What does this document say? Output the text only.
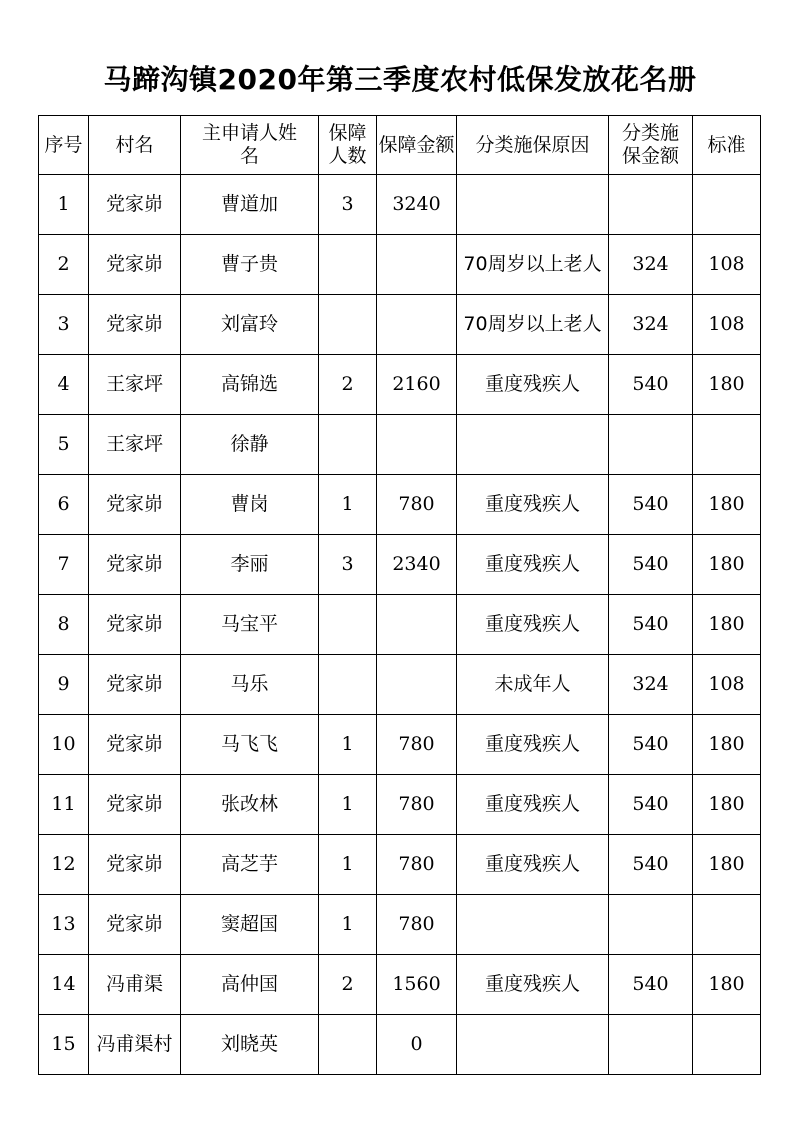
马蹄沟镇2020年第三季度农村低保发放花名册
序号	村名	主申请人姓名	保障人数	保障金额	分类施保原因	分类施保金额	标准
1	党家峁	曹道加	3	3240			
2	党家峁	曹子贵			70周岁以上老人	324	108
3	党家峁	刘富玲			70周岁以上老人	324	108
4	王家坪	高锦选	2	2160	重度残疾人	540	180
5	王家坪	徐静					
6	党家峁	曹岗	1	780	重度残疾人	540	180
7	党家峁	李丽	3	2340	重度残疾人	540	180
8	党家峁	马宝平			重度残疾人	540	180
9	党家峁	马乐			未成年人	324	108
10	党家峁	马飞飞	1	780	重度残疾人	540	180
11	党家峁	张改林	1	780	重度残疾人	540	180
12	党家峁	高芝芋	1	780	重度残疾人	540	180
13	党家峁	窦超国	1	780			
14	冯甫渠	高仲国	2	1560	重度残疾人	540	180
15	冯甫渠村	刘晓英		0			
